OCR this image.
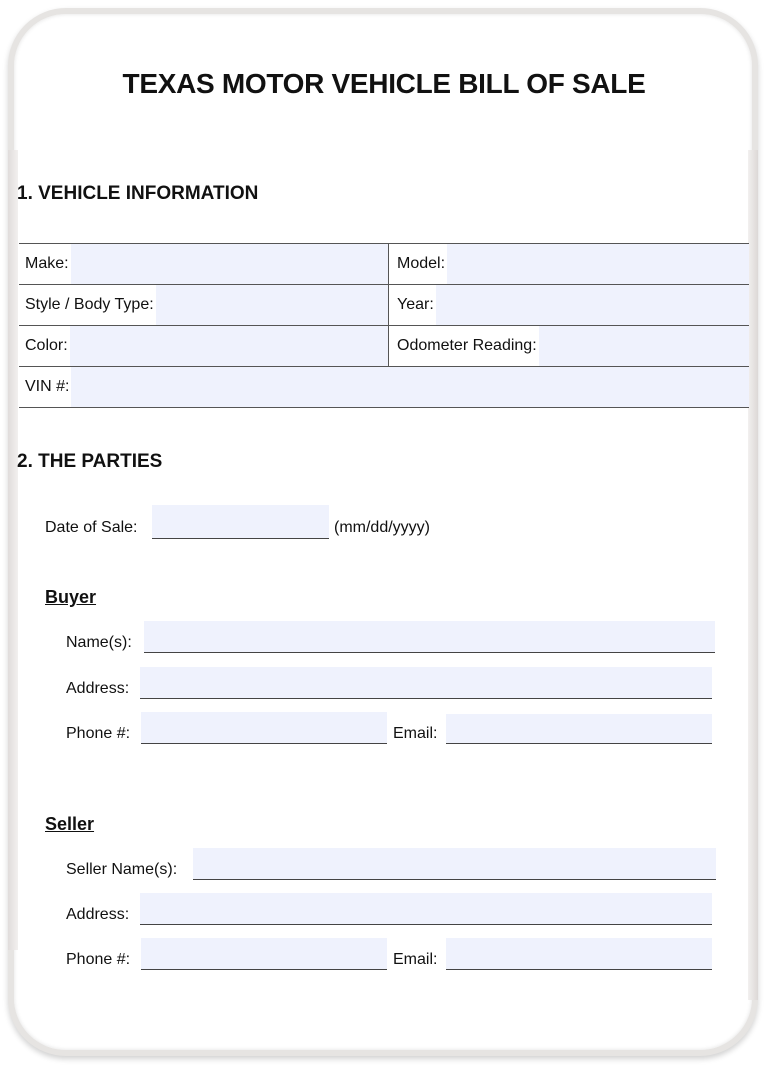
TEXAS MOTOR VEHICLE BILL OF SALE
1. VEHICLE INFORMATION
Make:	Model:

Style / Body Type:	Year:

Color:	Odometer Reading:

VIN #:	
2. THE PARTIES
Date of Sale:	(mm/dd/yyyy)
Buyer
Name(s):
Address:
Phone #:	Email:
Seller
Seller Name(s):
Address:
Phone #:	Email:
